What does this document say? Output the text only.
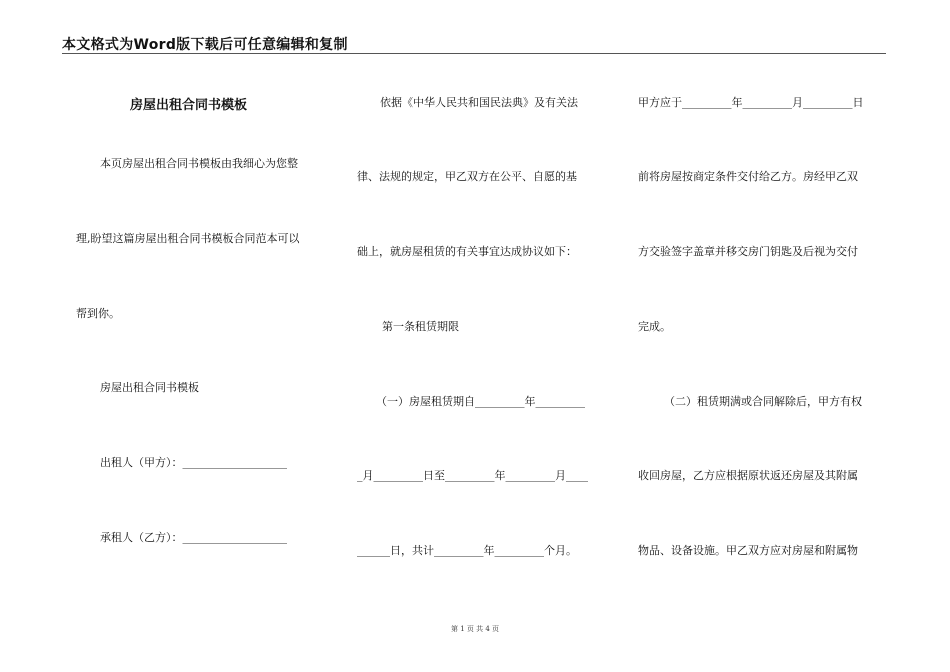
本文格式为Word版下载后可任意编辑和复制
房屋出租合同书模板
本页房屋出租合同书模板由我细心为您整
理,盼望这篇房屋出租合同书模板合同范本可以
帮到你。
房屋出租合同书模板
出租人（甲方）：___________________
承租人（乙方）：___________________
依据《中华人民共和国民法典》及有关法
律、法规的规定，甲乙双方在公平、自愿的基
础上，就房屋租赁的有关事宜达成协议如下：
第一条租赁期限
（一）房屋租赁期自_________年_________
_月_________日至_________年_________月____
______日，共计_________年_________个月。
甲方应于_________年_________月_________日
前将房屋按商定条件交付给乙方。房经甲乙双
方交验签字盖章并移交房门钥匙及后视为交付
完成。
（二）租赁期满或合同解除后，甲方有权
收回房屋，乙方应根据原状返还房屋及其附属
物品、设备设施。甲乙双方应对房屋和附属物
第 1 页 共 4 页
